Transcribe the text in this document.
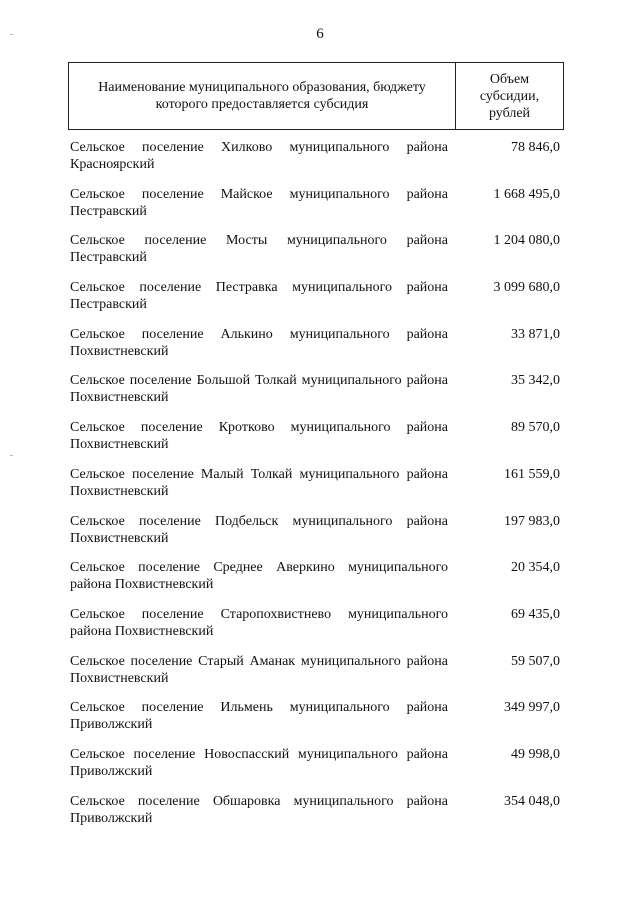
6
Наименование муниципального образования, бюджету которого предоставляется субсидия
Объем субсидии, рублей
Сельское поселение Хилково муниципального района Красноярский
78 846,0
Сельское поселение Майское муниципального района Пестравский
1 668 495,0
Сельское поселение Мосты муниципального района Пестравский
1 204 080,0
Сельское поселение Пестравка муниципального района Пестравский
3 099 680,0
Сельское поселение Алькино муниципального района Похвистневский
33 871,0
Сельское поселение Большой Толкай муниципального района Похвистневский
35 342,0
Сельское поселение Кротково муниципального района Похвистневский
89 570,0
Сельское поселение Малый Толкай муниципального района Похвистневский
161 559,0
Сельское поселение Подбельск муниципального района Похвистневский
197 983,0
Сельское поселение Среднее Аверкино муниципального района Похвистневский
20 354,0
Сельское поселение Старопохвистнево муниципального района Похвистневский
69 435,0
Сельское поселение Старый Аманак муниципального района Похвистневский
59 507,0
Сельское поселение Ильмень муниципального района Приволжский
349 997,0
Сельское поселение Новоспасский муниципального района Приволжский
49 998,0
Сельское поселение Обшаровка муниципального района Приволжский
354 048,0
